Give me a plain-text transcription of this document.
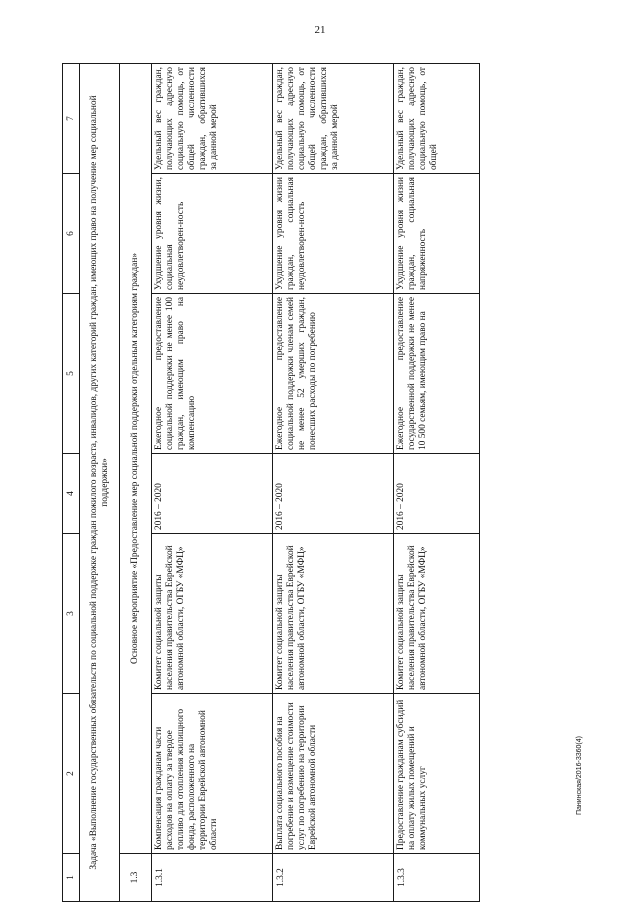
21
1	2	3	4	5	6	7
Задача «Выполнение государственных обязательств по социальной поддержке граждан пожилого возраста, инвалидов, других категорий граждан, имеющих право на получение мер социальной поддержки»						
1.3	Основное мероприятие «Предоставление мер социальной поддержки отдельным категориям граждан»					
1.3.1	Компенсация гражданам части расходов на оплату за твердое топливо для отопления жилищного фонда, расположенного на территории Еврейской автономной области	Комитет социальной защиты населения правительства Еврейской автономной области, ОГБУ «МФЦ»	2016 – 2020	Ежегодное предоставление социальной поддержки не менее 100 граждан, имеющим право на компенсацию	Ухудшение уровня жизни, социальная неудовлетворен-ность	Удельный вес граждан, получающих адресную социальную помощь, от общей численности граждан, обратившихся за данной мерой
1.3.2	Выплата социального пособия на погребение и возмещение стоимости услуг по погребению на территории Еврейской автономной области	Комитет социальной защиты населения правительства Еврейской автономной области, ОГБУ «МФЦ»	2016 – 2020	Ежегодное предоставление социальной поддержки членам семей не менее 52 умерших граждан, понесших расходы по погребению	Ухудшение уровня жизни граждан, социальная неудовлетворен-ность	Удельный вес граждан, получающих адресную социальную помощь, от общей численности граждан, обратившихся за данной мерой
1.3.3	Предоставление гражданам субсидий на оплату жилых помещений и коммунальных услуг	Комитет социальной защиты населения правительства Еврейской автономной области, ОГБУ «МФЦ»	2016 – 2020	Ежегодное предоставление государственной поддержки не менее 10 500 семьям, имеющим право на	Ухудшение уровня жизни граждан, социальная напряженность	Удельный вес граждан, получающих адресную социальную помощь, от общей
Панинская/2016-3360(4)
